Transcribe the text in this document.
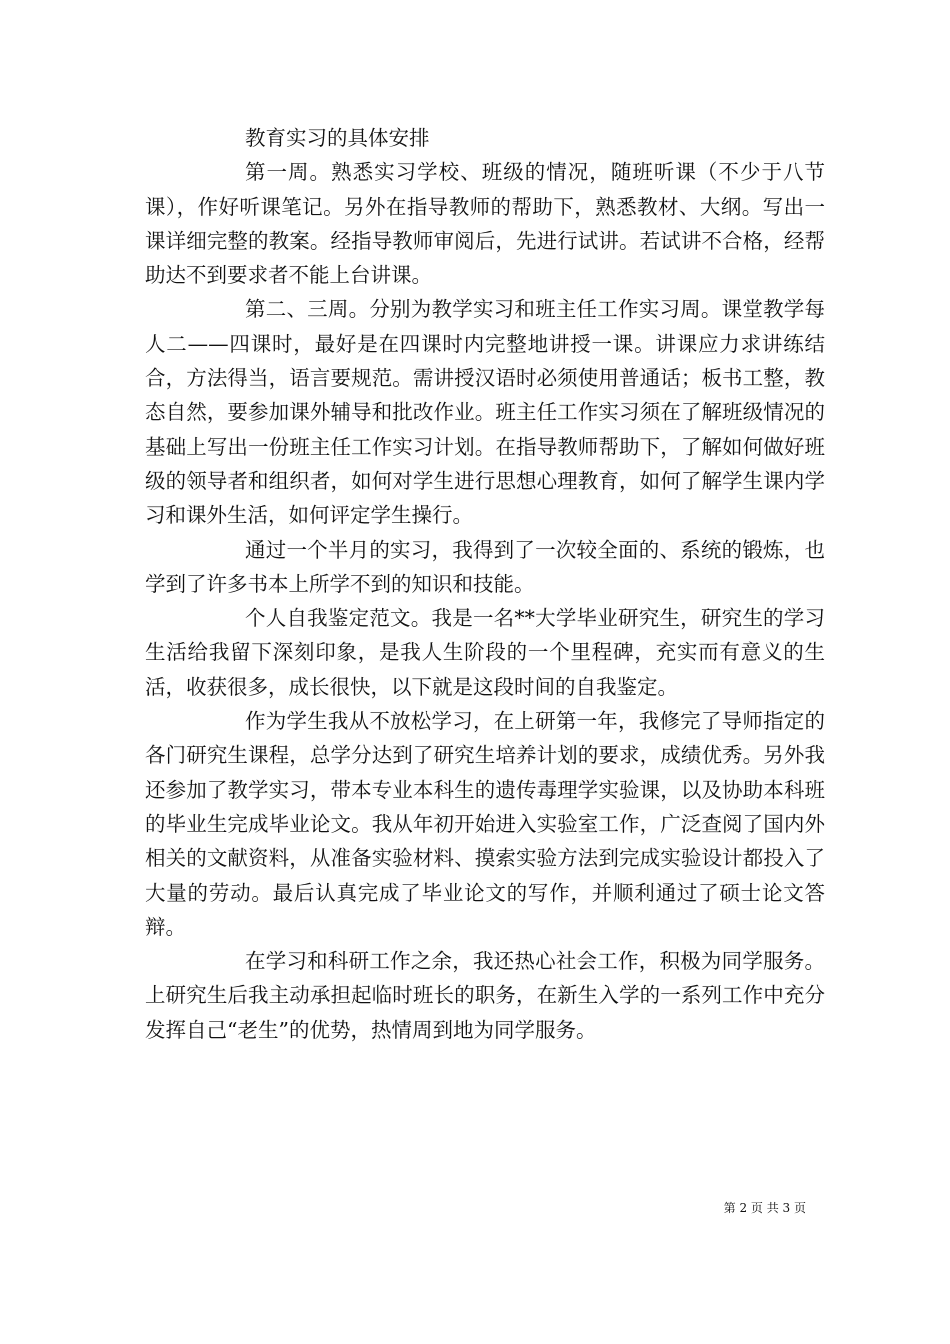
教育实习的具体安排

第一周。熟悉实习学校、班级的情况，随班听课（不少于八节课），作好听课笔记。另外在指导教师的帮助下，熟悉教材、大纲。写出一课详细完整的教案。经指导教师审阅后，先进行试讲。若试讲不合格，经帮助达不到要求者不能上台讲课。

第二、三周。分别为教学实习和班主任工作实习周。课堂教学每人二——四课时，最好是在四课时内完整地讲授一课。讲课应力求讲练结合，方法得当，语言要规范。需讲授汉语时必须使用普通话；板书工整，教态自然，要参加课外辅导和批改作业。班主任工作实习须在了解班级情况的基础上写出一份班主任工作实习计划。在指导教师帮助下，了解如何做好班级的领导者和组织者，如何对学生进行思想心理教育，如何了解学生课内学习和课外生活，如何评定学生操行。

通过一个半月的实习，我得到了一次较全面的、系统的锻炼，也学到了许多书本上所学不到的知识和技能。

个人自我鉴定范文。我是一名**大学毕业研究生，研究生的学习生活给我留下深刻印象，是我人生阶段的一个里程碑，充实而有意义的生活，收获很多，成长很快，以下就是这段时间的自我鉴定。

作为学生我从不放松学习，在上研第一年，我修完了导师指定的各门研究生课程，总学分达到了研究生培养计划的要求，成绩优秀。另外我还参加了教学实习，带本专业本科生的遗传毒理学实验课，以及协助本科班的毕业生完成毕业论文。我从年初开始进入实验室工作，广泛查阅了国内外相关的文献资料，从准备实验材料、摸索实验方法到完成实验设计都投入了大量的劳动。最后认真完成了毕业论文的写作，并顺利通过了硕士论文答辩。

在学习和科研工作之余，我还热心社会工作，积极为同学服务。上研究生后我主动承担起临时班长的职务，在新生入学的一系列工作中充分发挥自己“老生”的优势，热情周到地为同学服务。

第 2 页 共 3 页
